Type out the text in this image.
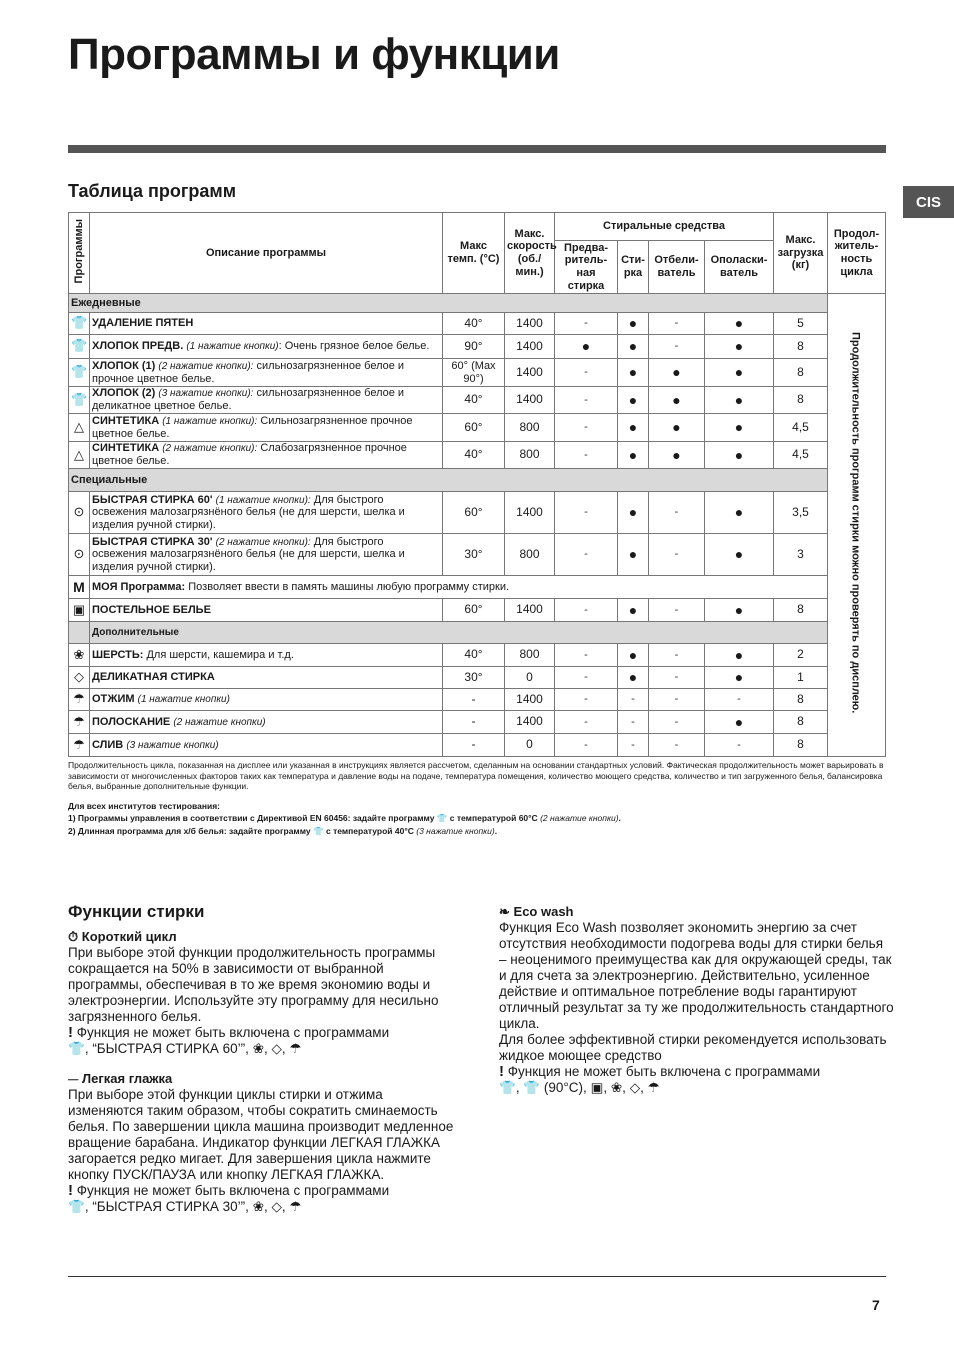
Программы и функции
Таблица программ
CIS
Программы	Описание программы	Макс темп. (°C)	Макс. скорость (об./ мин.)	Стиральные средства				Макс. загрузка (кг)	Продол- житель- ность цикла
				Предва- ритель- ная стирка	Сти- рка	Отбели- ватель	Ополаски- ватель		
Ежедневные									Продолжительность программ стирки можно проверять по дисплею.

👕	УДАЛЕНИЕ ПЯТЕН	40°	1400	-	●	-	●	5	
👕	ХЛОПОК ПРЕДВ. (1 нажатие кнопки): Очень грязное белое белье.	90°	1400	●	●	-	●	8	
👕	ХЛОПОК (1) (2 нажатие кнопки): сильнозагрязненное белое и прочное цветное белье.	60° (Max 90°)	1400	-	●	●	●	8	
👕	ХЛОПОК (2) (3 нажатие кнопки): сильнозагрязненное белое и деликатное цветное белье.	40°	1400	-	●	●	●	8	
△	СИНТЕТИКА (1 нажатие кнопки): Сильнозагрязненное прочное цветное белье.	60°	800	-	●	●	●	4,5	
△	СИНТЕТИКА (2 нажатие кнопки): Слабозагрязненное прочное цветное белье.	40°	800	-	●	●	●	4,5	
Специальные									
⊙	БЫСТРАЯ СТИРКА 60' (1 нажатие кнопки): Для быстрого освежения малозагрязнёного белья (не для шерсти, шелка и изделия ручной стирки).	60°	1400	-	●	-	●	3,5	
⊙	БЫСТРАЯ СТИРКА 30' (2 нажатие кнопки): Для быстрого освежения малозагрязнёного белья (не для шерсти, шелка и изделия ручной стирки).	30°	800	-	●	-	●	3	
M	МОЯ Программа: Позволяет ввести в память машины любую программу стирки.								
▣	ПОСТЕЛЬНОЕ БЕЛЬЕ	60°	1400	-	●	-	●	8	
	Дополнительные								
❀	ШЕРСТЬ: Для шерсти, кашемира и т.д.	40°	800	-	●	-	●	2	
◇	ДЕЛИКАТНАЯ СТИРКА	30°	0	-	●	-	●	1	
☂	ОТЖИМ (1 нажатие кнопки)	-	1400	-	-	-	-	8	
☂	ПОЛОСКАНИЕ (2 нажатие кнопки)	-	1400	-	-	-	●	8	
☂	СЛИВ (3 нажатие кнопки)	-	0	-	-	-	-	8	
Продолжительность цикла, показанная на дисплее или указанная в инструкциях является рассчетом, сделанным на основании стандартных условий. Фактическая продолжительность может варьировать в зависимости от многочисленных факторов таких как температура и давление воды на подаче, температура помещения, количество моющего средства, количество и тип загруженного белья, балансировка белья, выбранные дополнительные функции.
Для всех институтов тестирования:
1) Программы управления в соответствии с Директивой EN 60456: задайте программу 👕 с температурой 60°C (2 нажатие кнопки).
2) Длинная программа для х/б белья: задайте программу 👕 с температурой 40°C (3 нажатие кнопки).
Функции стирки
⏱ Короткий цикл
При выборе этой функции продолжительность программы сокращается на 50% в зависимости от выбранной программы, обеспечивая в то же время экономию воды и электроэнергии. Используйте эту программу для несильно загрязненного белья.
! Функция не может быть включена с программами
👕, “БЫСТРАЯ СТИРКА 60’”, ❀, ◇, ☂
⏤ Легкая глажка
При выборе этой функции циклы стирки и отжима изменяются таким образом, чтобы сократить сминаемость белья. По завершении цикла машина производит медленное вращение барабана. Индикатор функции ЛЕГКАЯ ГЛАЖКА загорается редко мигает. Для завершения цикла нажмите кнопку ПУСК/ПАУЗА или кнопку ЛЕГКАЯ ГЛАЖКА.
! Функция не может быть включена с программами
👕, “БЫСТРАЯ СТИРКА 30’”, ❀, ◇, ☂
❧ Eco wash
Функция Eco Wash позволяет экономить энергию за счет отсутствия необходимости подогрева воды для стирки белья – неоценимого преимущества как для окружающей среды, так и для счета за электроэнергию. Действительно, усиленное действие и оптимальное потребление воды гарантируют отличный результат за ту же продолжительность стандартного цикла.
Для более эффективной стирки рекомендуется использовать жидкое моющее средство
! Функция не может быть включена с программами
👕, 👕 (90°C), ▣, ❀, ◇, ☂
7
